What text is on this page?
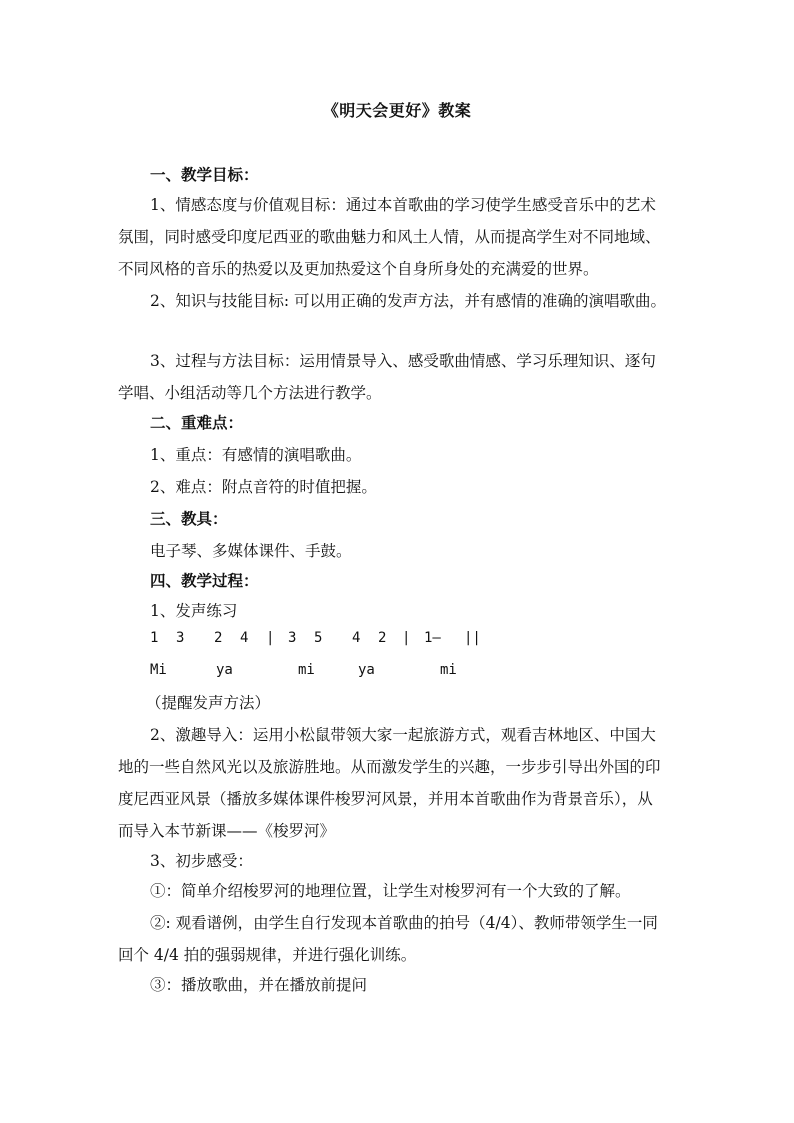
《明天会更好》教案
一、教学目标：
1、情感态度与价值观目标：通过本首歌曲的学习使学生感受音乐中的艺术
氛围，同时感受印度尼西亚的歌曲魅力和风土人情，从而提高学生对不同地域、
不同风格的音乐的热爱以及更加热爱这个自身所身处的充满爱的世界。
2、知识与技能目标: 可以用正确的发声方法，并有感情的准确的演唱歌曲。
3、过程与方法目标：运用情景导入、感受歌曲情感、学习乐理知识、逐句
学唱、小组活动等几个方法进行教学。
二、重难点：
1、重点：有感情的演唱歌曲。
2、难点：附点音符的时值把握。
三、教具：
电子琴、多媒体课件、手鼓。
四、教学过程：
1、发声练习
1 3 2 4 | 3 5 4 2 | 1— ||
Mi	ya	mi	ya	mi
（提醒发声方法）
2、激趣导入：运用小松鼠带领大家一起旅游方式，观看吉林地区、中国大
地的一些自然风光以及旅游胜地。从而激发学生的兴趣，一步步引导出外国的印
度尼西亚风景（播放多媒体课件梭罗河风景，并用本首歌曲作为背景音乐），从
而导入本节新课——《梭罗河》
3、初步感受：
①：简单介绍梭罗河的地理位置，让学生对梭罗河有一个大致的了解。
②: 观看谱例，由学生自行发现本首歌曲的拍号（4/4）、教师带领学生一同
回个 4/4 拍的强弱规律，并进行强化训练。
③：播放歌曲，并在播放前提问
